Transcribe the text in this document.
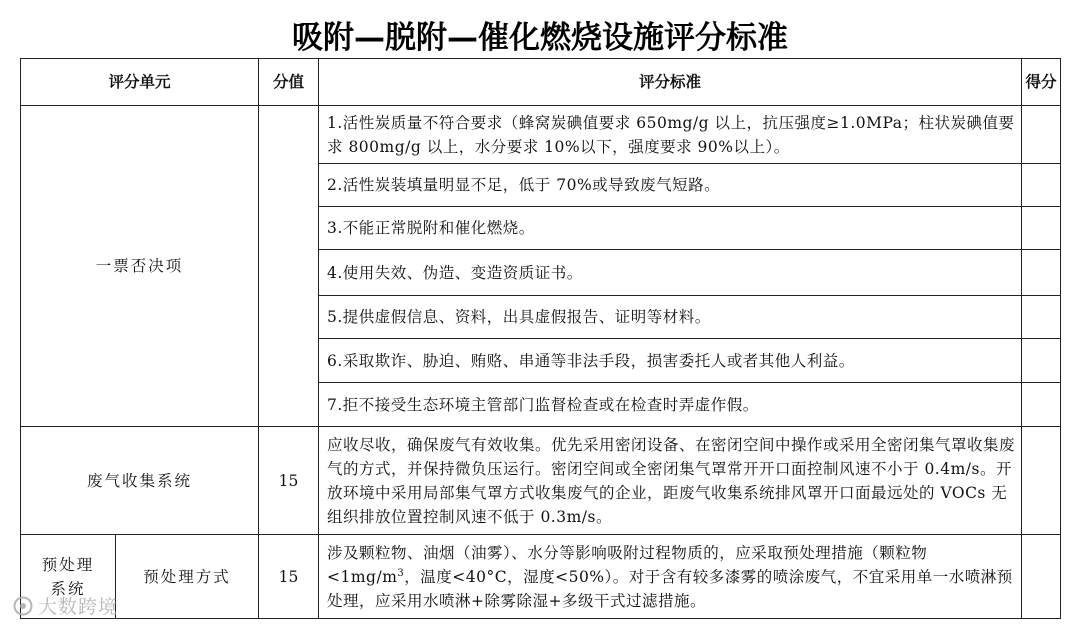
吸附—脱附—催化燃烧设施评分标准
评分单元		分值	评分标准	得分
一票否决项			1.活性炭质量不符合要求（蜂窝炭碘值要求 650mg/g 以上，抗压强度≥1.0MPa；柱状炭碘值要求 800mg/g 以上，水分要求 10%以下，强度要求 90%以上）。	
			2.活性炭装填量明显不足，低于 70%或导致废气短路。	
			3.不能正常脱附和催化燃烧。	
			4.使用失效、伪造、变造资质证书。	
			5.提供虚假信息、资料，出具虚假报告、证明等材料。	
			6.采取欺诈、胁迫、贿赂、串通等非法手段，损害委托人或者其他人利益。	
			7.拒不接受生态环境主管部门监督检查或在检查时弄虚作假。	
废气收集系统		15	应收尽收，确保废气有效收集。优先采用密闭设备、在密闭空间中操作或采用全密闭集气罩收集废气的方式，并保持微负压运行。密闭空间或全密闭集气罩常开开口面控制风速不小于 0.4m/s。开放环境中采用局部集气罩方式收集废气的企业，距废气收集系统排风罩开口面最远处的 VOCs 无组织排放位置控制风速不低于 0.3m/s。	
预处理
系统	预处理方式	15	涉及颗粒物、油烟（油雾）、水分等影响吸附过程物质的，应采取预处理措施（颗粒物$<1mg/m^3$，温度<40°C，湿度<50%）。对于含有较多漆雾的喷涂废气，不宜采用单一水喷淋预处理，应采用水喷淋+除雾除湿+多级干式过滤措施。	
大数跨境
